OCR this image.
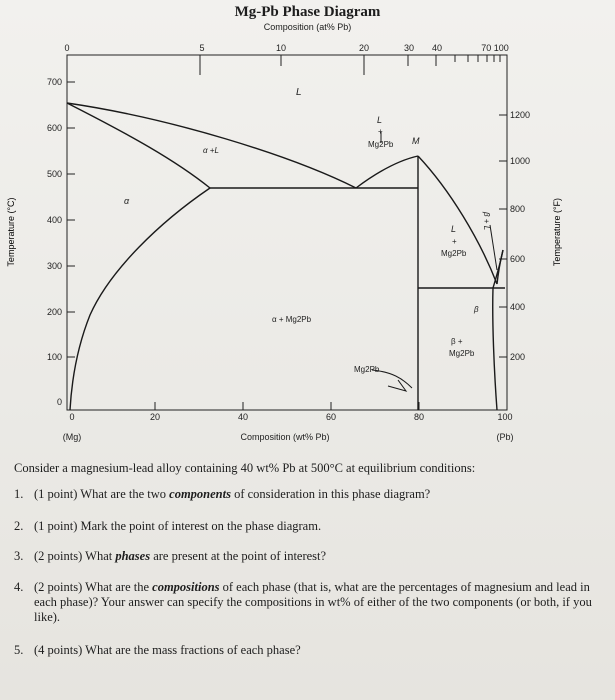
Mg-Pb Phase Diagram
Composition (at% Pb)
0	5	10	20	30 40	70 100
0	20	40	60	80	100
(Mg)	Composition (wt% Pb)	(Pb)
700
600
500
400
300
200
100
0
1200
1000
800
600
400
200
Temperature (°C)	Temperature (°F)
L
α
α +L
L
+
Mg2Pb M
L
+
Mg2Pb
β + L
α + Mg2Pb
β
β +
Mg2Pb
Mg2Pb
Consider a magnesium-lead alloy containing 40 wt% Pb at 500°C at equilibrium conditions:
1. (1 point) What are the two components of consideration in this phase diagram?
2. (1 point) Mark the point of interest on the phase diagram.
3. (2 points) What phases are present at the point of interest?
4. (2 points) What are the compositions of each phase (that is, what are the percentages of magnesium and lead in each phase)? Your answer can specify the compositions in wt% of either of the two components (or both, if you like).
5. (4 points) What are the mass fractions of each phase?
